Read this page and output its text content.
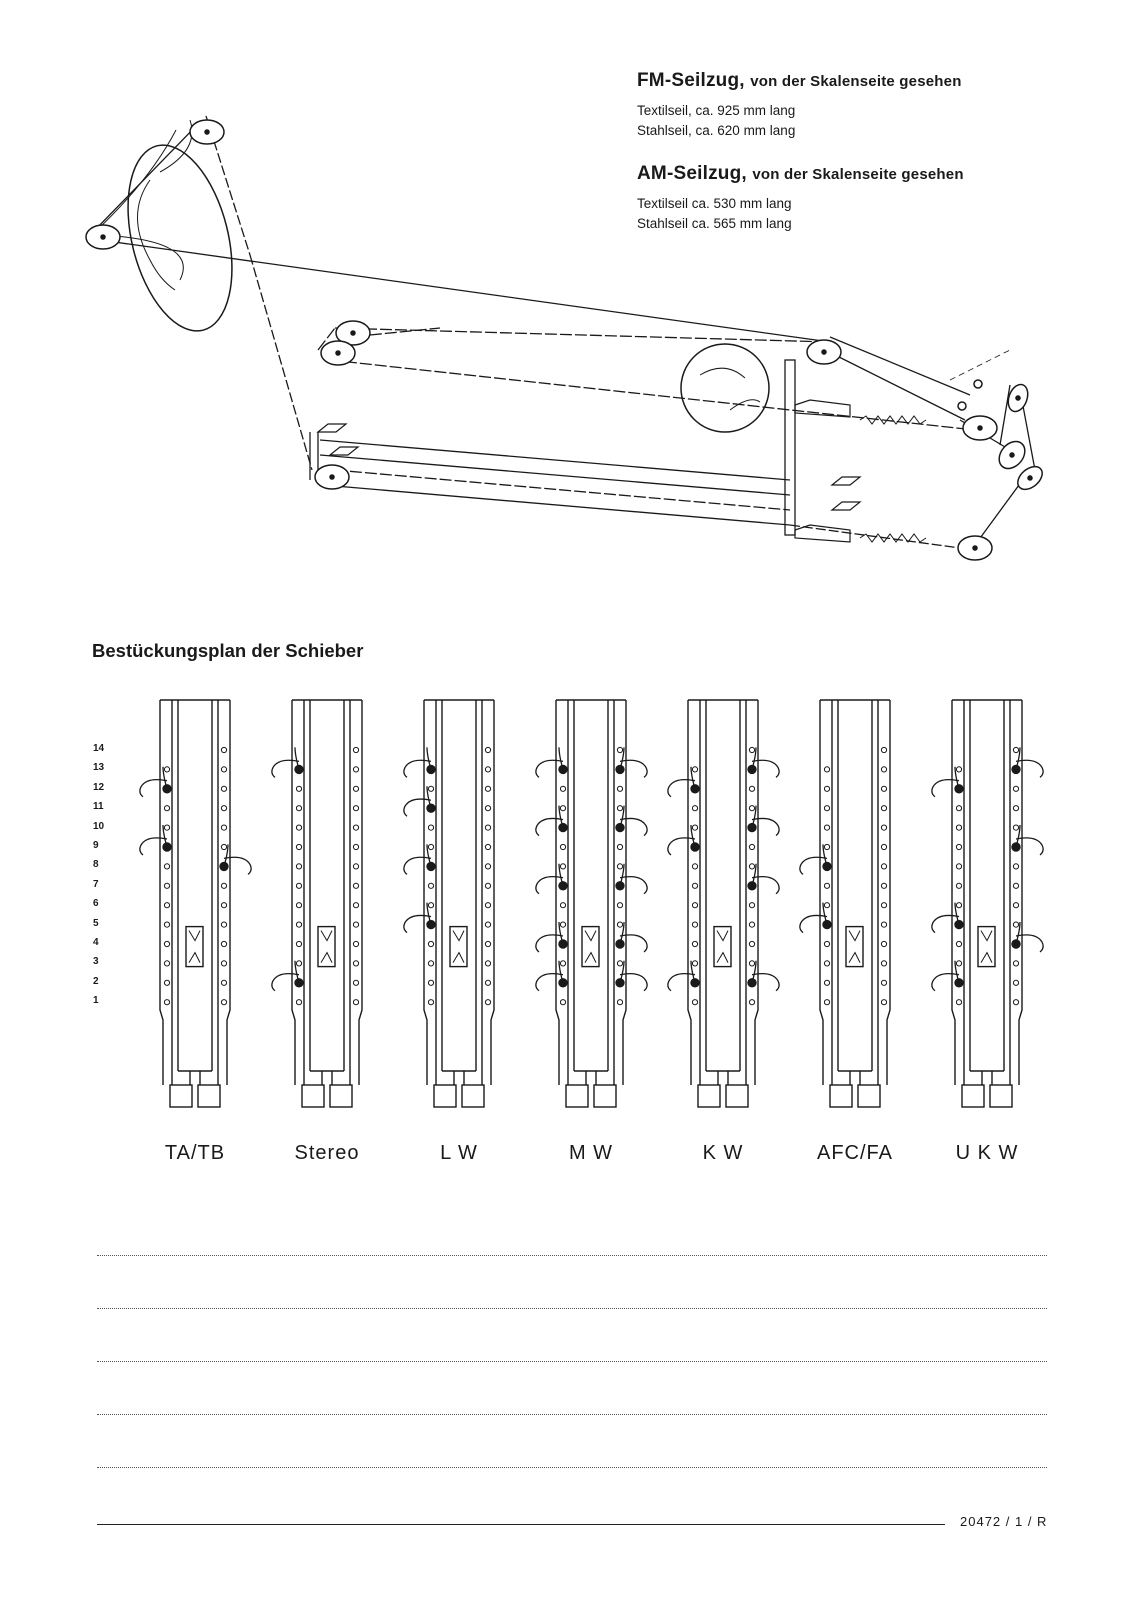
FM-Seilzug, von der Skalenseite gesehen
Textilseil, ca. 925 mm lang
Stahlseil, ca. 620 mm lang
AM-Seilzug, von der Skalenseite gesehen
Textilseil ca. 530 mm lang
Stahlseil ca. 565 mm lang
Bestückungsplan der Schieber
14
13
12
11
10
9
8
7
6
5
4
3
2
1
TA/TB	Stereo	L W	M W	K W	AFC/FA	U K W
20472 / 1 / R
